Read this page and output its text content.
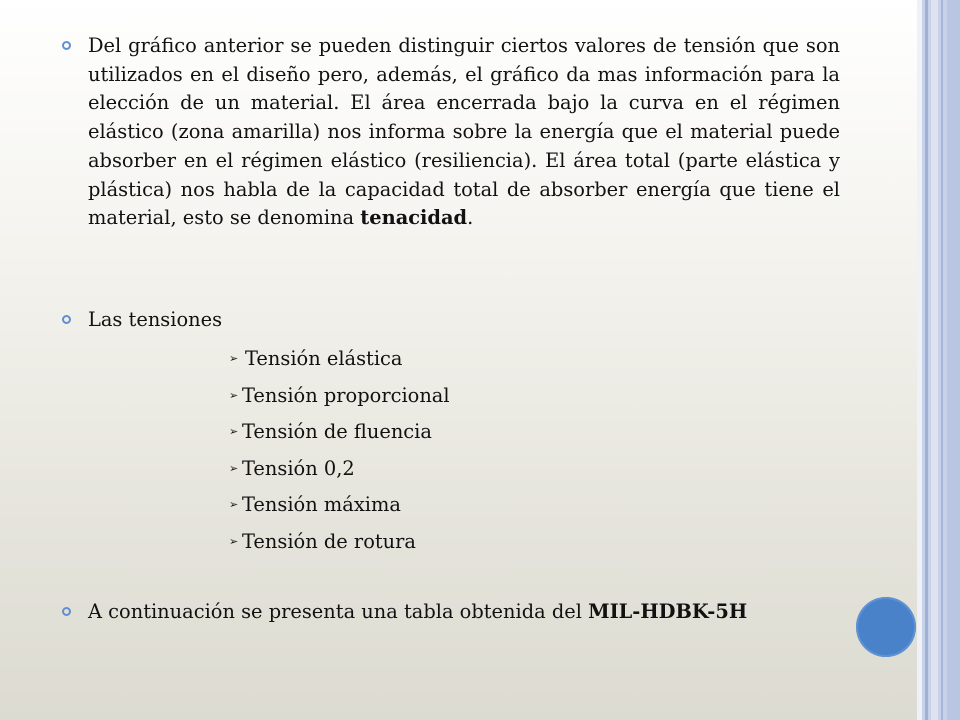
Del gráfico anterior se pueden distinguir ciertos valores de tensión que son utilizados en el diseño pero, además, el gráfico da mas información para la elección de un material. El área encerrada bajo la curva en el régimen elástico (zona amarilla) nos informa sobre la energía que el material puede absorber en el régimen elástico (resiliencia). El área total (parte elástica y plástica) nos habla de la capacidad total de absorber energía que tiene el material, esto se denomina tenacidad.
Las tensiones
➢ Tensión elástica
➢ Tensión proporcional
➢ Tensión de fluencia
➢ Tensión 0,2
➢ Tensión máxima
➢ Tensión de rotura
A continuación se presenta una tabla obtenida del MIL-HDBK-5H
